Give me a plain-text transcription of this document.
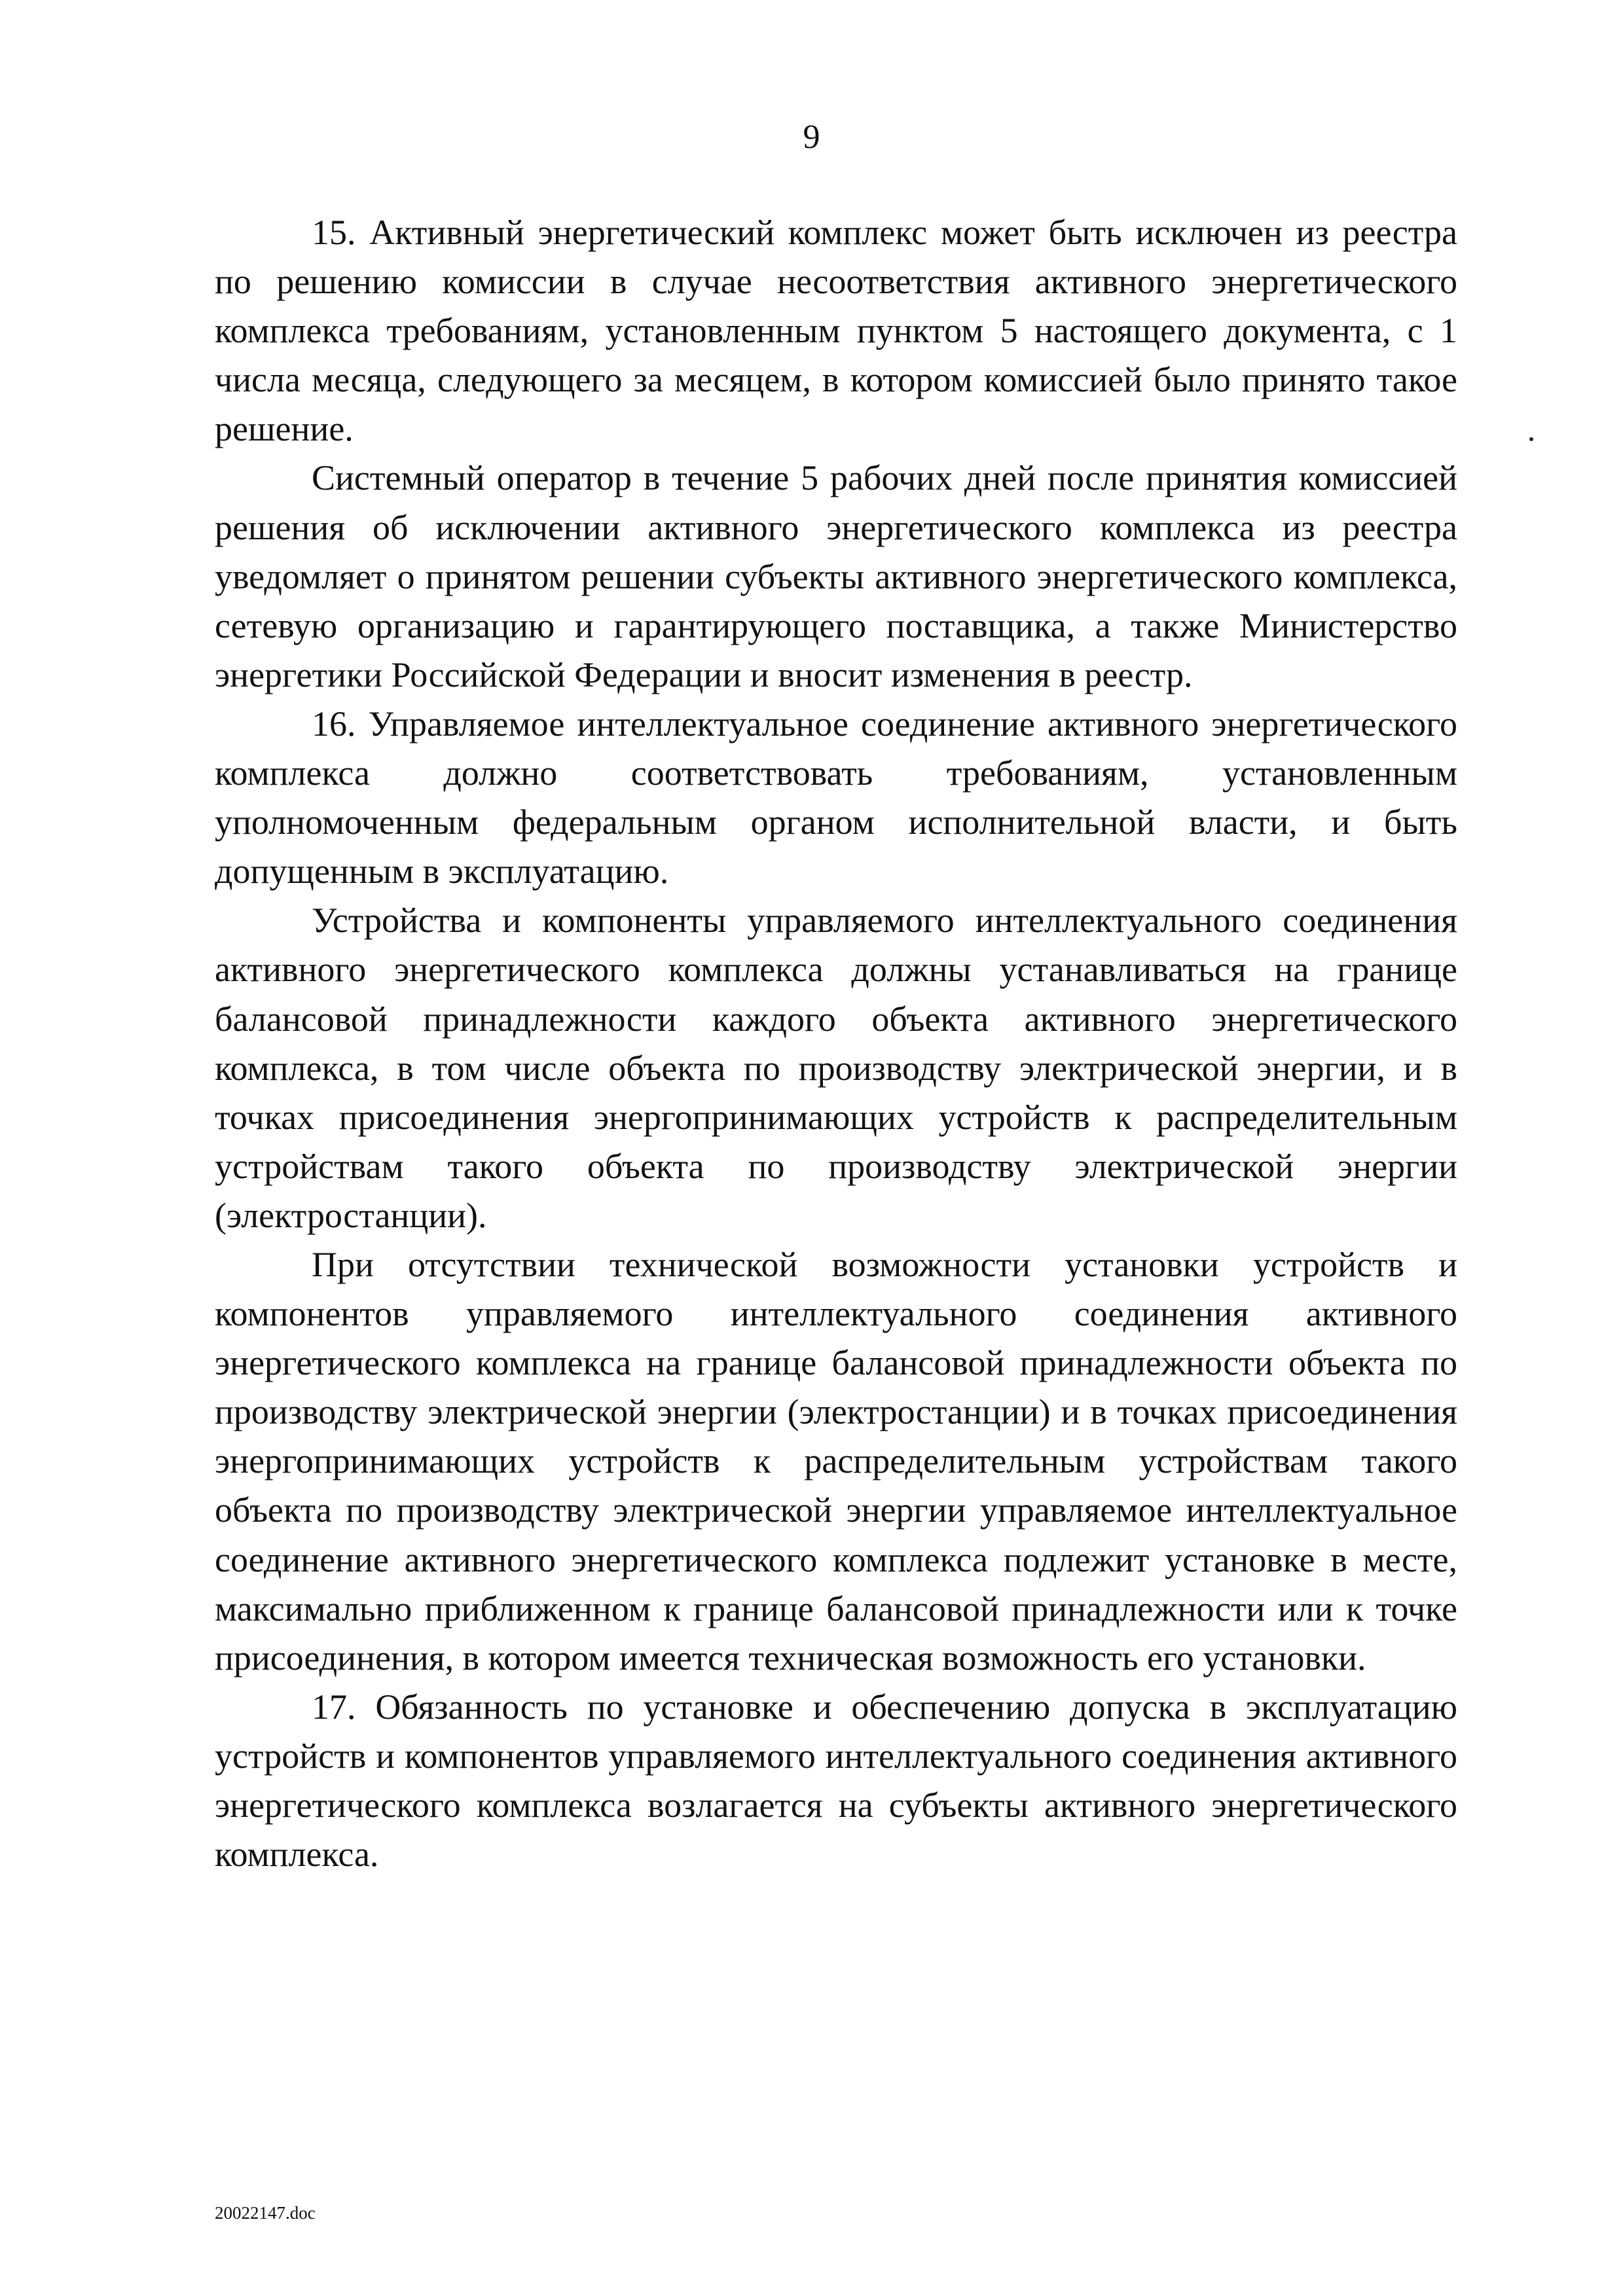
9

15. Активный энергетический комплекс может быть исключен из реестра по решению комиссии в случае несоответствия активного энергетического комплекса требованиям, установленным пунктом 5 настоящего документа, с 1 числа месяца, следующего за месяцем, в котором комиссией было принято такое решение.

Системный оператор в течение 5 рабочих дней после принятия комиссией решения об исключении активного энергетического комплекса из реестра уведомляет о принятом решении субъекты активного энергетического комплекса, сетевую организацию и гарантирующего поставщика, а также Министерство энергетики Российской Федерации и вносит изменения в реестр.

16. Управляемое интеллектуальное соединение активного энергетического комплекса должно соответствовать требованиям, установленным уполномоченным федеральным органом исполнительной власти, и быть допущенным в эксплуатацию.

Устройства и компоненты управляемого интеллектуального соединения активного энергетического комплекса должны устанавливаться на границе балансовой принадлежности каждого объекта активного энергетического комплекса, в том числе объекта по производству электрической энергии, и в точках присоединения энергопринимающих устройств к распределительным устройствам такого объекта по производству электрической энергии (электростанции).

При отсутствии технической возможности установки устройств и компонентов управляемого интеллектуального соединения активного энергетического комплекса на границе балансовой принадлежности объекта по производству электрической энергии (электростанции) и в точках присоединения энергопринимающих устройств к распределительным устройствам такого объекта по производству электрической энергии управляемое интеллектуальное соединение активного энергетического комплекса подлежит установке в месте, максимально приближенном к границе балансовой принадлежности или к точке присоединения, в котором имеется техническая возможность его установки.

17. Обязанность по установке и обеспечению допуска в эксплуатацию устройств и компонентов управляемого интеллектуального соединения активного энергетического комплекса возлагается на субъекты активного энергетического комплекса.

20022147.doc
